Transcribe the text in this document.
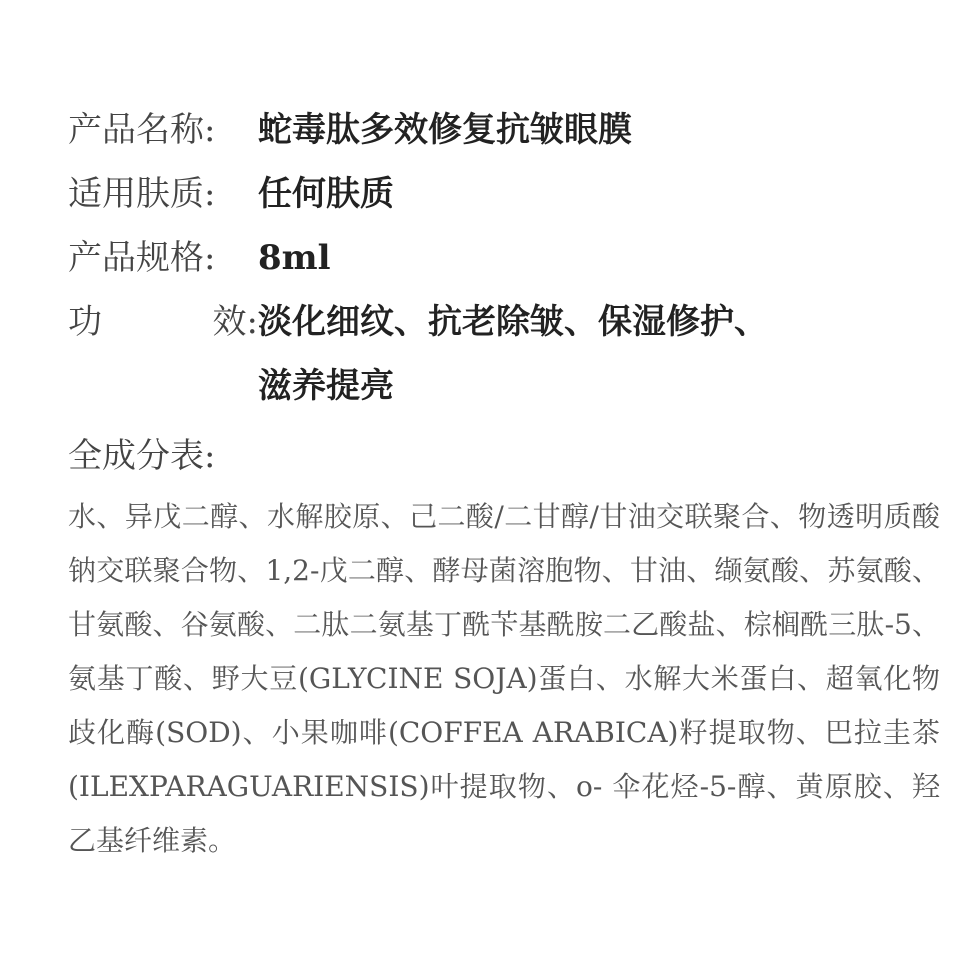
产品名称:	蛇毒肽多效修复抗皱眼膜
适用肤质:	任何肤质
产品规格:	8ml
功	效: 淡化细纹、抗老除皱、保湿修护、
滋养提亮
全成分表:
水、异戊二醇、水解胶原、己二酸/二甘醇/甘油交联聚合、物透明质酸钠交联聚合物、1,2-戊二醇、酵母菌溶胞物、甘油、缬氨酸、苏氨酸、甘氨酸、谷氨酸、二肽二氨基丁酰苄基酰胺二乙酸盐、棕榈酰三肽-5、氨基丁酸、野大豆(GLYCINE SOJA)蛋白、水解大米蛋白、超氧化物歧化酶(SOD)、小果咖啡(COFFEA ARABICA)籽提取物、巴拉圭茶(ILEXPARAGUARIENSIS)叶提取物、o- 伞花烃-5-醇、黄原胶、羟乙基纤维素。
